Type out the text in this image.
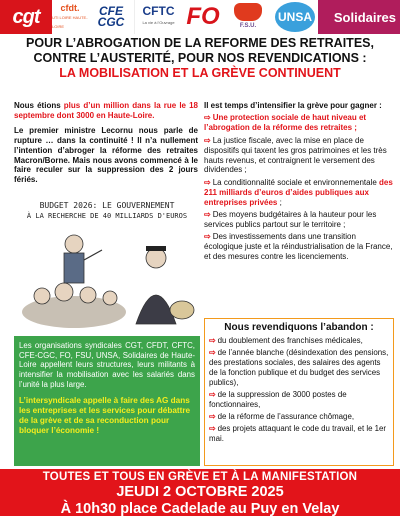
cgt cfdt.
UTI LOIRE HAUTE-LOIRE
CFE
CGC
CFTC
La vie à l'Ouvrage FO	F.S.U.
UNSA Solidaires
POUR L’ABROGATION DE LA REFORME DES RETRAITES,
CONTRE L’AUSTERITÉ, POUR NOS REVENDICATIONS :
LA MOBILISATION ET LA GRÈVE CONTINUENT

Nous étions plus d’un million dans la rue le 18 septembre dont 3000 en Haute-Loire.

Le premier ministre Lecornu nous parle de rupture … dans la continuité ! Il n’a nullement l’intention d’abroger la réforme des retraites Macron/Borne. Mais nous avons commencé à le faire reculer sur la suppression des 2 jours fériés.

BUDGET 2026: LE GOUVERNEMENT
À LA RECHERCHE DE 40 MILLIARDS D'EUROS
Les organisations syndicales CGT, CFDT, CFTC, CFE-CGC, FO, FSU, UNSA, Solidaires de Haute-Loire appellent leurs structures, leurs militants à intensifier la mobilisation avec les salariés dans l’unité la plus large.
L’intersyndicale appelle à faire des AG dans les entreprises et les services pour débattre de la grève et de sa reconduction pour bloquer l’économie !

Il est temps d’intensifier la grève pour gagner :

⇨ Une protection sociale de haut niveau et l’abrogation de la réforme des retraites ;

⇨ La justice fiscale, avec la mise en place de dispositifs qui taxent les gros patrimoines et les très hauts revenus, et contraignent le versement des dividendes ;

⇨ La conditionnalité sociale et environnementale des 211 milliards d’euros d’aides publiques aux entreprises privées ;

⇨ Des moyens budgétaires à la hauteur pour les services publics partout sur le territoire ;

⇨ Des investissements dans une transition écologique juste et la réindustrialisation de la France, et des mesures contre les licenciements.

Nous revendiquons l’abandon :
⇨ du doublement des franchises médicales,
⇨ de l’année blanche (désindexation des pensions, des prestations sociales, des salaires des agents de la fonction publique et du budget des services publics),
⇨ de la suppression de 3000 postes de fonctionnaires,
⇨ de la réforme de l’assurance chômage,
⇨ des projets attaquant le code du travail, et le 1er mai.
TOUTES ET TOUS EN GRÈVE ET À LA MANIFESTATION
JEUDI 2 OCTOBRE 2025
À 10h30 place Cadelade au Puy en Velay
